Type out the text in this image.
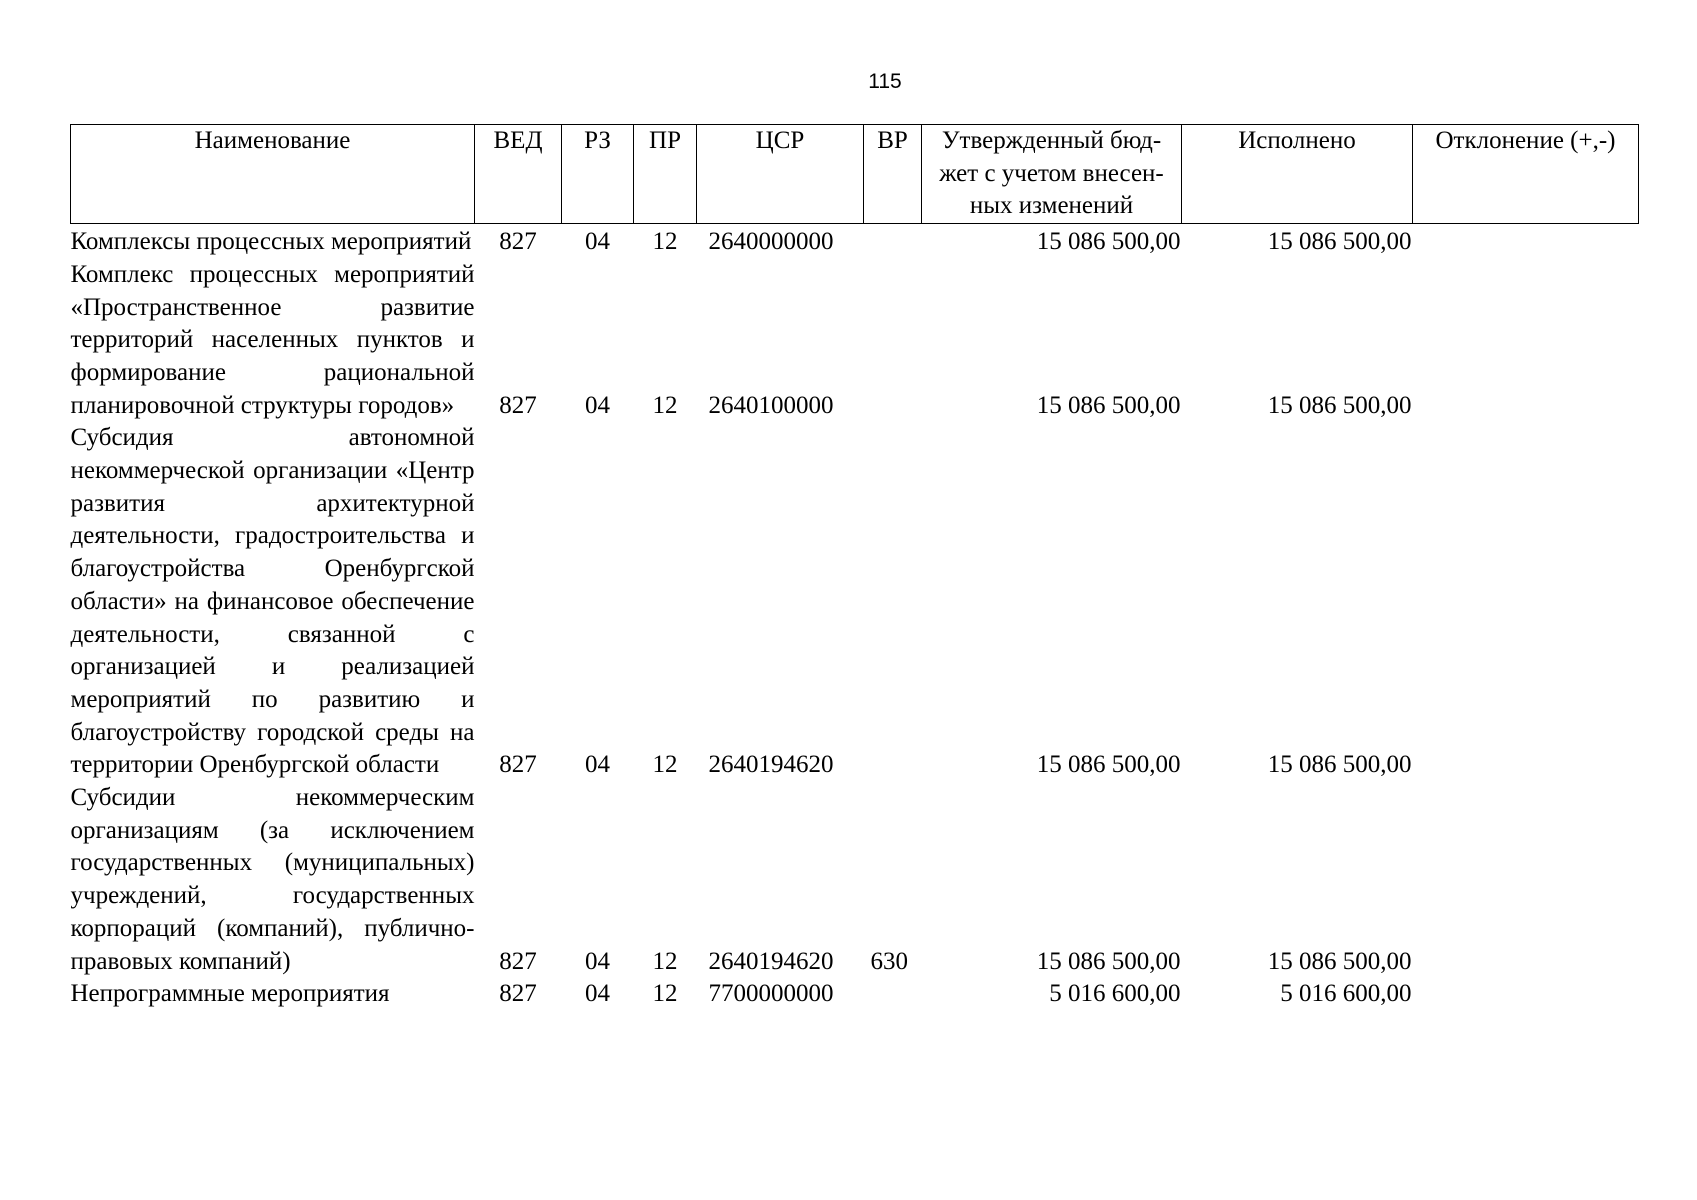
115
Наименование	ВЕД	РЗ	ПР	ЦСР	ВР	Утвержденный бюд-жет с учетом внесен-ных изменений	Исполнено	Отклонение (+,-)
Комплексы процессных мероприятий	827	04	12	2640000000		15 086 500,00	15 086 500,00	
Комплекс процессных мероприятий «Пространственное развитие территорий населенных пунктов и формирование рациональной планировочной структуры городов»	827	04	12	2640100000		15 086 500,00	15 086 500,00	
Субсидия автономной некоммерческой организации «Центр развития архитектурной деятельности, градостроительства и благоустройства Оренбургской области» на финансовое обеспечение деятельности, связанной с организацией и реализацией мероприятий по развитию и благоустройству городской среды на территории Оренбургской области	827	04	12	2640194620		15 086 500,00	15 086 500,00	
Субсидии некоммерческим организациям (за исключением государственных (муниципальных) учреждений, государственных корпораций (компаний), публично-правовых компаний)	827	04	12	2640194620	630	15 086 500,00	15 086 500,00	
Непрограммные мероприятия	827	04	12	7700000000		5 016 600,00	5 016 600,00	
